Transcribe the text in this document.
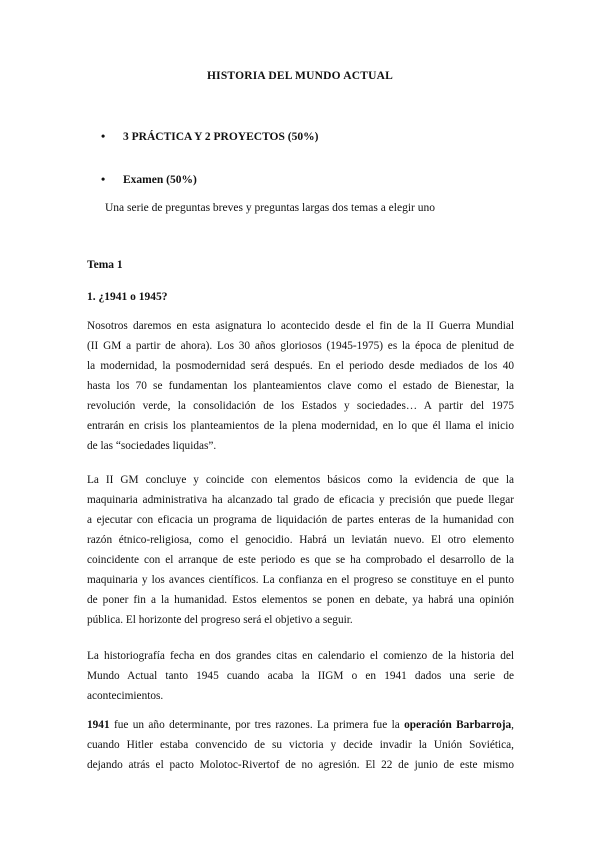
HISTORIA DEL MUNDO ACTUAL
•	3 PRÁCTICA Y 2 PROYECTOS (50%)
•	Examen (50%)
Una serie de preguntas breves y preguntas largas dos temas a elegir uno
Tema 1
1. ¿1941 o 1945?
Nosotros daremos en esta asignatura lo acontecido desde el fin de la II Guerra Mundial
(II GM a partir de ahora). Los 30 años gloriosos (1945-1975) es la época de plenitud de
la modernidad, la posmodernidad será después. En el periodo desde mediados de los 40
hasta los 70 se fundamentan los planteamientos clave como el estado de Bienestar, la
revolución verde, la consolidación de los Estados y sociedades… A partir del 1975
entrarán en crisis los planteamientos de la plena modernidad, en lo que él llama el inicio
de las “sociedades liquidas”.
La II GM concluye y coincide con elementos básicos como la evidencia de que la
maquinaria administrativa ha alcanzado tal grado de eficacia y precisión que puede llegar
a ejecutar con eficacia un programa de liquidación de partes enteras de la humanidad con
razón étnico-religiosa, como el genocidio. Habrá un leviatán nuevo. El otro elemento
coincidente con el arranque de este periodo es que se ha comprobado el desarrollo de la
maquinaria y los avances científicos. La confianza en el progreso se constituye en el punto
de poner fin a la humanidad. Estos elementos se ponen en debate, ya habrá una opinión
pública. El horizonte del progreso será el objetivo a seguir.
La historiografía fecha en dos grandes citas en calendario el comienzo de la historia del
Mundo Actual tanto 1945 cuando acaba la IIGM o en 1941 dados una serie de
acontecimientos.
1941 fue un año determinante, por tres razones. La primera fue la operación Barbarroja,
cuando Hitler estaba convencido de su victoria y decide invadir la Unión Soviética,
dejando atrás el pacto Molotoc-Rivertof de no agresión. El 22 de junio de este mismo
